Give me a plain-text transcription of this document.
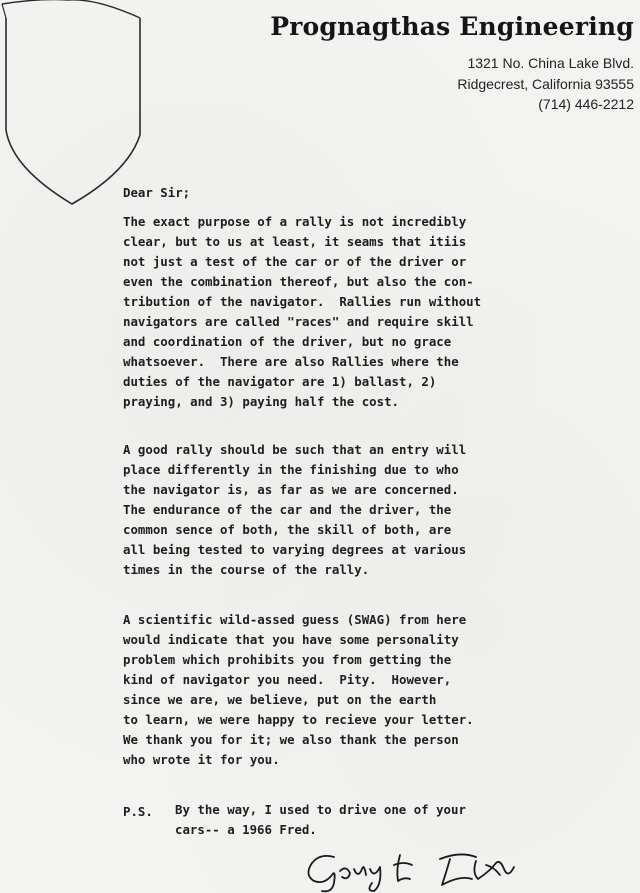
Prognagthas Engineering
1321 No. China Lake Blvd.
Ridgecrest, California 93555
(714) 446-2212
Dear Sir;
The exact purpose of a rally is not incredibly
clear, but to us at least, it seams that itiis
not just a test of the car or of the driver or
even the combination thereof, but also the con-
tribution of the navigator.  Rallies run without
navigators are called "races" and require skill
and coordination of the driver, but no grace
whatsoever.  There are also Rallies where the
duties of the navigator are 1) ballast, 2)
praying, and 3) paying half the cost.
A good rally should be such that an entry will
place differently in the finishing due to who
the navigator is, as far as we are concerned.
The endurance of the car and the driver, the
common sence of both, the skill of both, are
all being tested to varying degrees at various
times in the course of the rally.
A scientific wild-assed guess (SWAG) from here
would indicate that you have some personality
problem which prohibits you from getting the
kind of navigator you need.  Pity.  However,
since we are, we believe, put on the earth
to learn, we were happy to recieve your letter.
We thank you for it; we also thank the person
who wrote it for you.
P.S. By the way, I used to drive one of your
cars-- a 1966 Fred.
